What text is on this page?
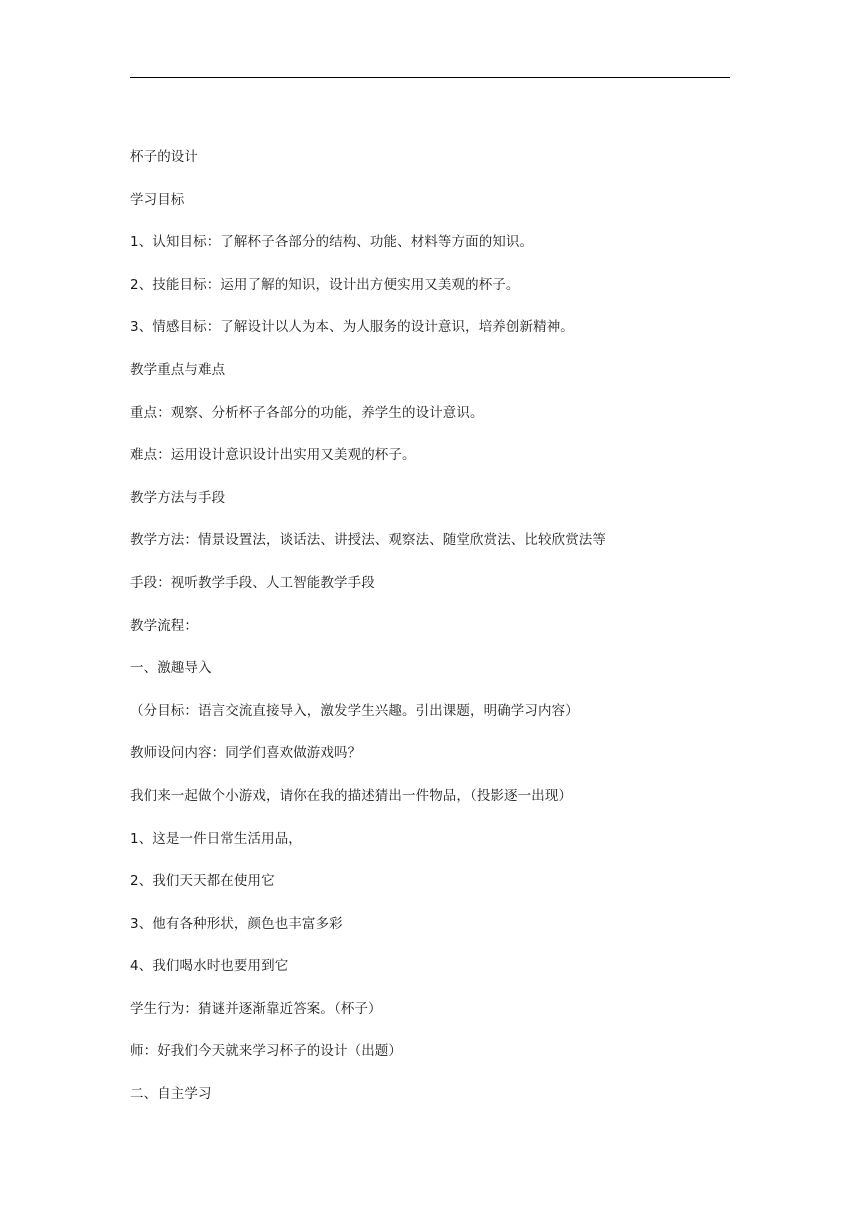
杯子的设计
学习目标
1、认知目标：了解杯子各部分的结构、功能、材料等方面的知识。
2、技能目标：运用了解的知识，设计出方便实用又美观的杯子。
3、情感目标：了解设计以人为本、为人服务的设计意识，培养创新精神。
教学重点与难点
重点：观察、分析杯子各部分的功能，养学生的设计意识。
难点：运用设计意识设计出实用又美观的杯子。
教学方法与手段
教学方法：情景设置法，谈话法、讲授法、观察法、随堂欣赏法、比较欣赏法等
手段：视听教学手段、人工智能教学手段
教学流程：
一、激趣导入
（分目标：语言交流直接导入，激发学生兴趣。引出课题，明确学习内容）
教师设问内容：同学们喜欢做游戏吗？
我们来一起做个小游戏，请你在我的描述猜出一件物品，（投影逐一出现）
1、这是一件日常生活用品，
2、我们天天都在使用它
3、他有各种形状，颜色也丰富多彩
4、我们喝水时也要用到它
学生行为：猜谜并逐渐靠近答案。（杯子）
师：好我们今天就来学习杯子的设计（出题）
二、自主学习
